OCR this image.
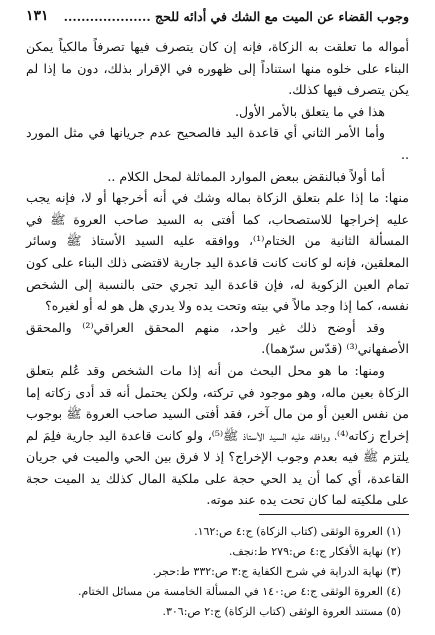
وجوب القضاء عن الميت مع الشك في أدائه للحج ....................
١٣١

أمواله ما تعلقت به الزكاة، فإنه إن كان يتصرف فيها تصرفاً مالكياً يمكن البناء على خلوه منها استناداً إلى ظهوره في الإقرار بذلك، دون ما إذا لم يكن يتصرف فيها كذلك.

هذا في ما يتعلق بالأمر الأول.

وأما الأمر الثاني أي قاعدة اليد فالصحيح عدم جريانها في مثل المورد ..

أما أولاً فبالنقض ببعض الموارد المماثلة لمحل الكلام ..

منها: ما إذا علم بتعلق الزكاة بماله وشك في أنه أخرجها أو لا، فإنه يجب عليه إخراجها للاستصحاب، كما أفتى به السيد صاحب العروة ﷺ في المسألة الثانية من الختام⁽¹⁾، ووافقه عليه السيد الأستاذ ﷺ وسائر المعلقين، فإنه لو كانت كانت قاعدة اليد جارية لاقتضى ذلك البناء على كون تمام العين الزكوية له، فإن قاعدة اليد تجري حتى بالنسبة إلى الشخص نفسه، كما إذا وجد مالاً في بيته وتحت يده ولا يدري هل هو له أو لغيره؟

وقد أوضح ذلك غير واحد، منهم المحقق العراقي⁽²⁾ والمحقق الأصفهاني⁽³⁾ (قدّس سرّهما).

ومنها: ما هو محل البحث من أنه إذا مات الشخص وقد عُلم بتعلق الزكاة بعين ماله، وهو موجود في تركته، ولكن يحتمل أنه قد أدى زكاته إما من نفس العين أو من مال آخر، فقد أفتى السيد صاحب العروة ﷺ بوجوب إخراج زكاته⁽⁴⁾، ووافقه عليه السيد الأستاذ ﷺ⁽⁵⁾، ولو كانت قاعدة اليد جارية فلِمَ لم يلتزم ﷺ فيه بعدم وجوب الإخراج؟ إذ لا فرق بين الحي والميت في جريان القاعدة، أي كما أن يد الحي حجة على ملكية المال كذلك يد الميت حجة على ملكيته لما كان تحت يده عند موته.

(١) العروة الوثقى (كتاب الزكاة) ج:٤ ص:١٦٢.
(٢) نهاية الأفكار ج:٤ ص:٢٧٩ ط:نجف.
(٣) نهاية الدراية في شرح الكفاية ج:٣ ص:٣٣٢ ط:حجر.
(٤) العروة الوثقى ج:٤ ص:١٤٠ في المسألة الخامسة من مسائل الختام.
(٥) مستند العروة الوثقى (كتاب الزكاة) ج:٢ ص:٣٠٦.
